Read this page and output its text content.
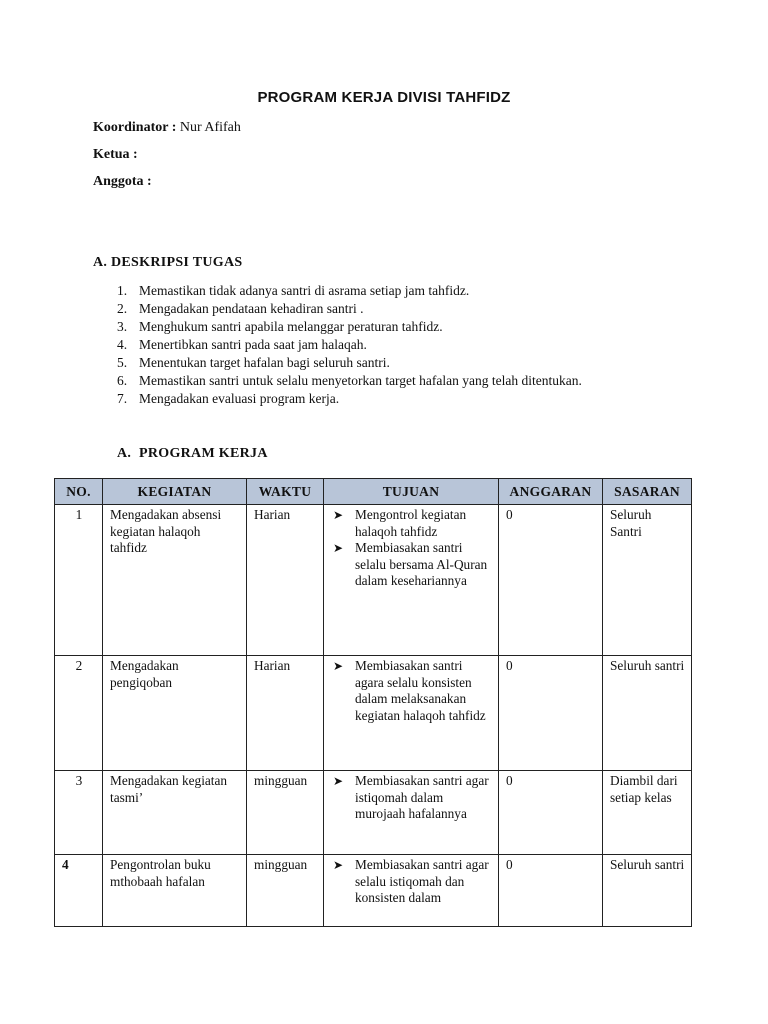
PROGRAM KERJA DIVISI TAHFIDZ
Koordinator : Nur Afifah
Ketua :
Anggota :
A. DESKRIPSI TUGAS
1. Memastikan tidak adanya santri di asrama setiap jam tahfidz.
2. Mengadakan pendataan kehadiran santri .
3. Menghukum santri apabila melanggar peraturan tahfidz.
4. Menertibkan santri pada saat jam halaqah.
5. Menentukan target hafalan bagi seluruh santri.
6. Memastikan santri untuk selalu menyetorkan target hafalan yang telah ditentukan.
7. Mengadakan evaluasi program kerja.
A. PROGRAM KERJA
NO.	KEGIATAN	WAKTU	TUJUAN	ANGGARAN	SASARAN
1	Mengadakan absensi kegiatan halaqoh tahfidz	Harian	➤ Mengontrol kegiatan halaqoh tahfidz
➤ Membiasakan santri selalu bersama Al-Quran dalam kesehariannya	0	Seluruh Santri
2	Mengadakan pengiqoban	Harian	➤ Membiasakan santri agara selalu konsisten dalam melaksanakan kegiatan halaqoh tahfidz	0	Seluruh santri
3	Mengadakan kegiatan tasmi’	mingguan	➤ Membiasakan santri agar istiqomah dalam murojaah hafalannya	0	Diambil dari setiap kelas
4	Pengontrolan buku mthobaah hafalan	mingguan	➤ Membiasakan santri agar selalu istiqomah dan konsisten dalam	0	Seluruh santri
